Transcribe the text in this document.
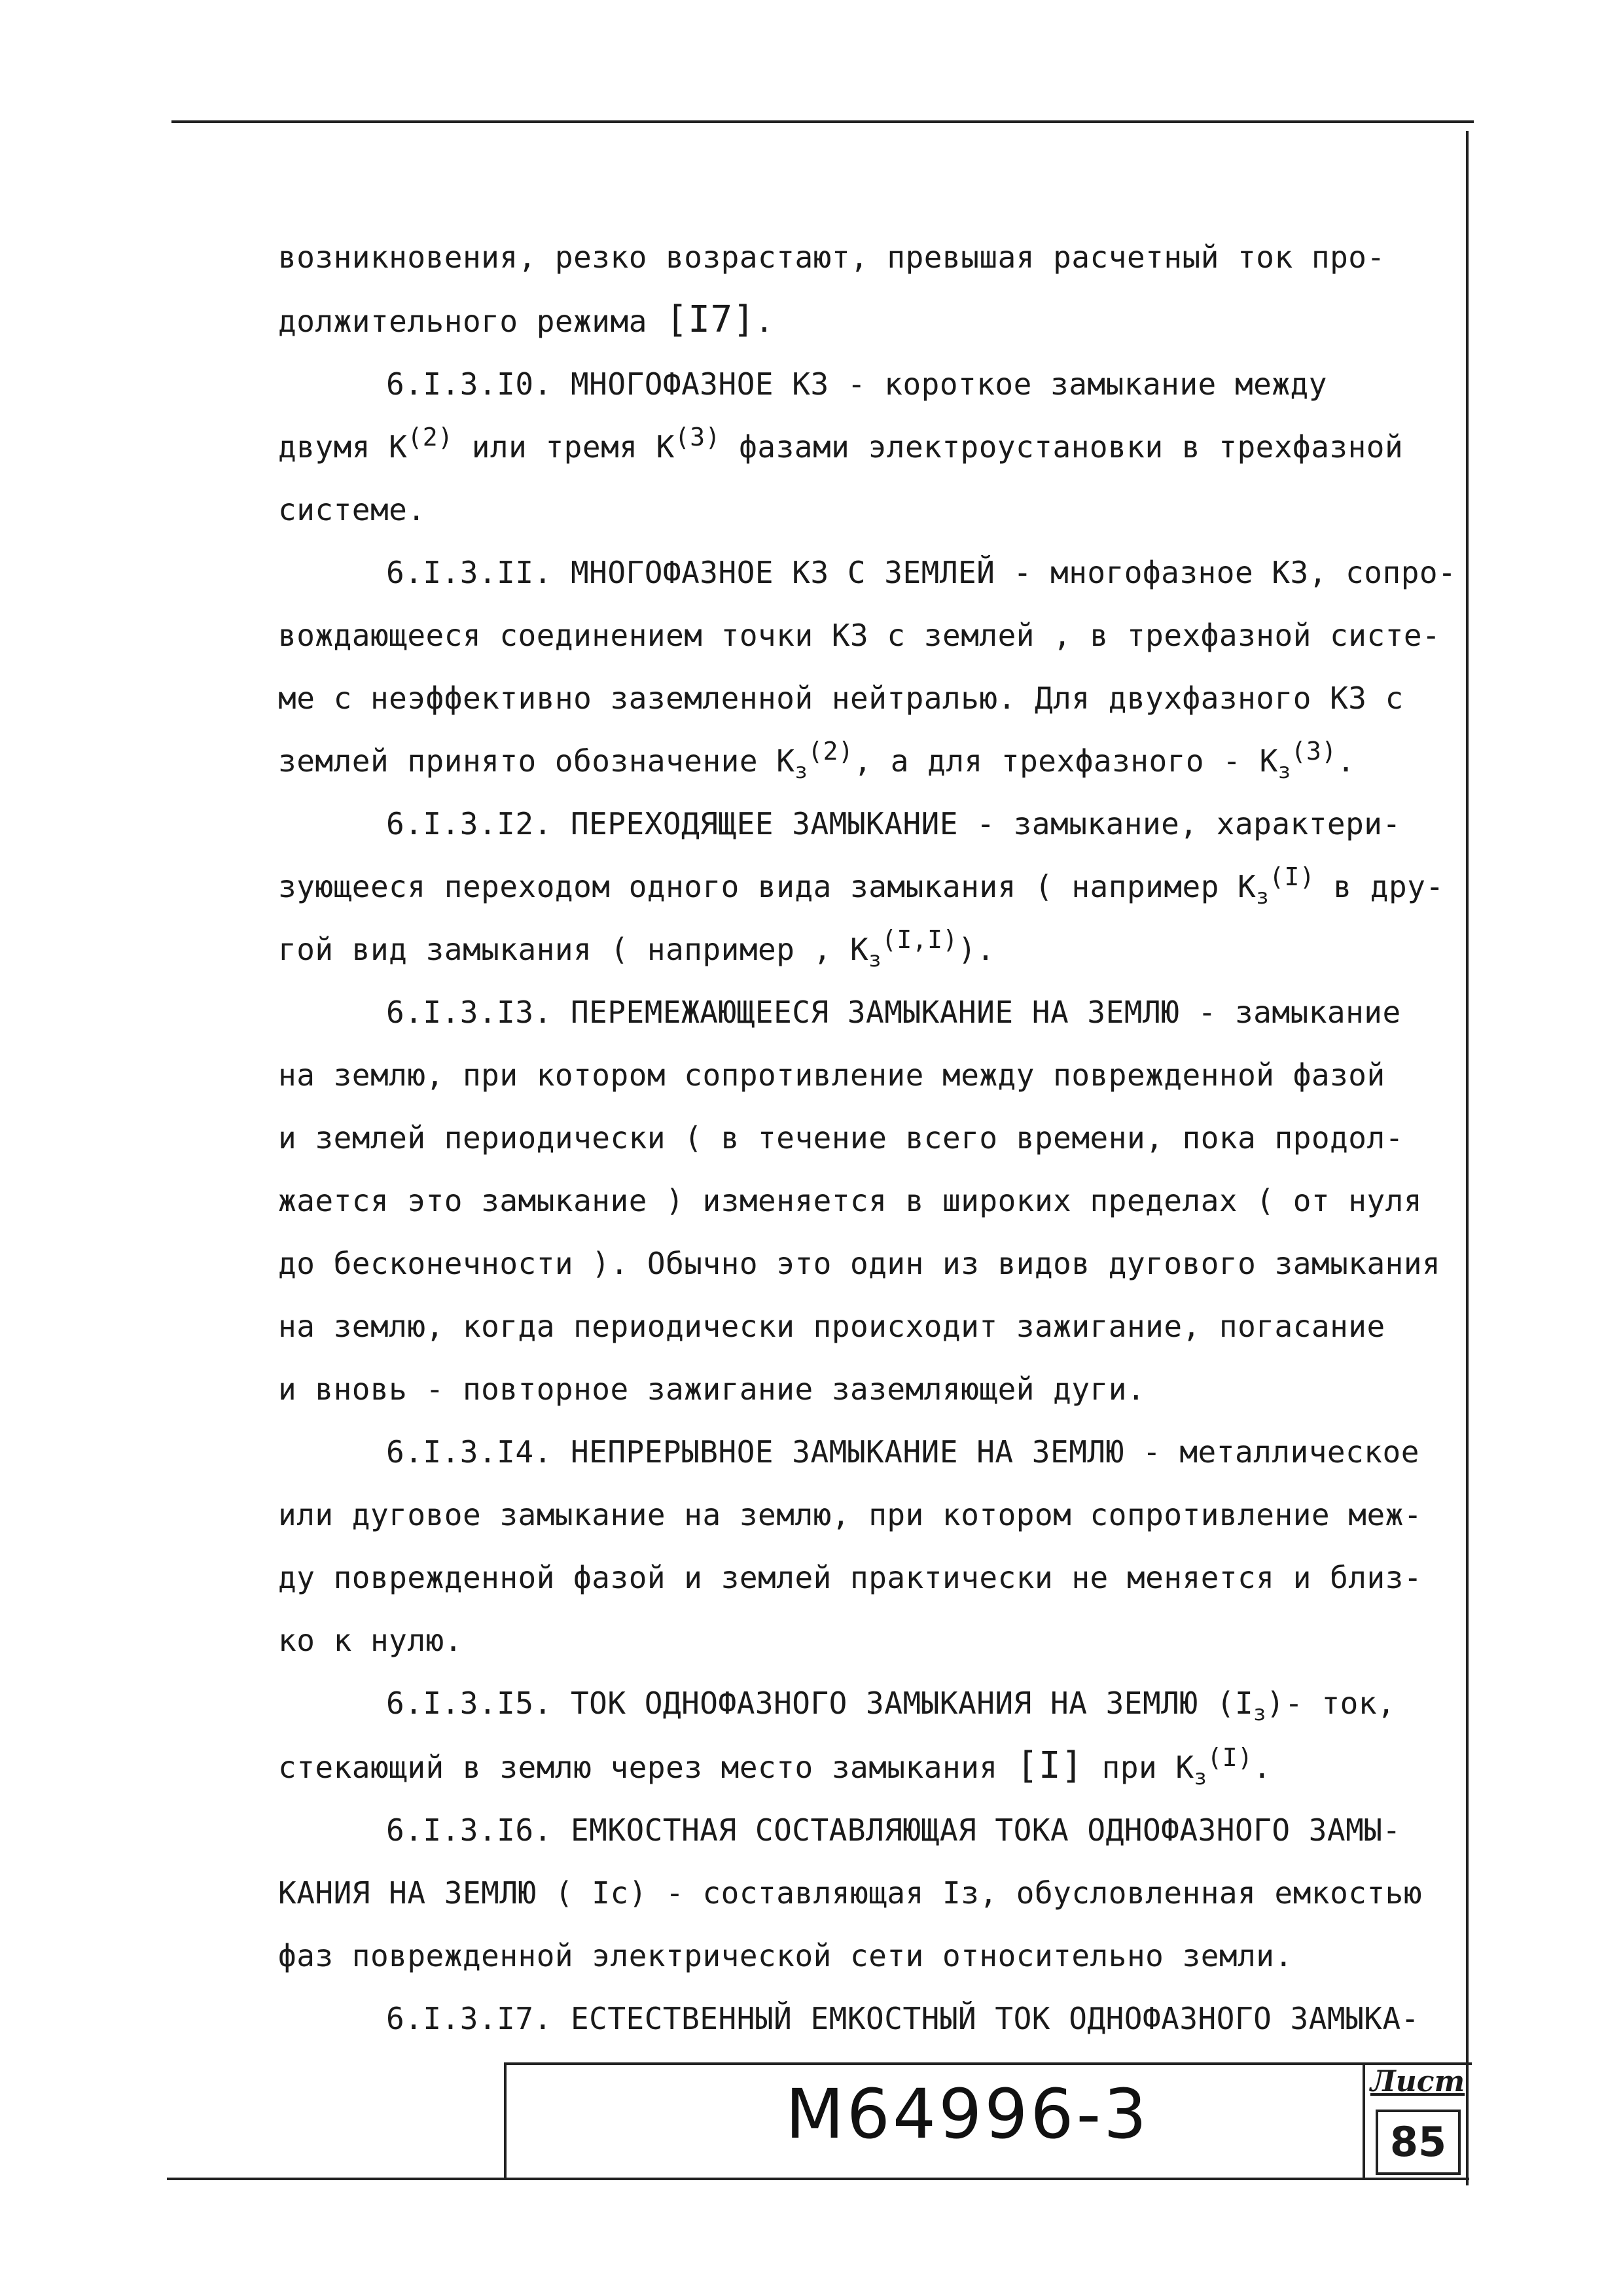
возникновения, резко возрастают, превышая расчетный ток про-
должительного режима [I7].
6.I.3.I0. МНОГОФАЗНОЕ КЗ - короткое замыкание между
двумя $К^{(2)}$ или тремя $К^{(3)}$ фазами электроустановки в трехфазной
системе.
6.I.3.II. МНОГОФАЗНОЕ КЗ С ЗЕМЛЕЙ - многофазное КЗ, сопро-
вождающееся соединением точки КЗ с землей , в трехфазной систе-
ме с неэффективно заземленной нейтралью. Для двухфазного КЗ с
землей принято обозначение $К_з^{(2)}$, а для трехфазного - $К_з^{(3)}$.
6.I.3.I2. ПЕРЕХОДЯЩЕЕ ЗАМЫКАНИЕ - замыкание, характери-
зующееся переходом одного вида замыкания ( например $К_з^{(I)}$ в дру-
гой вид замыкания ( например , $К_з^{(I,I)}$).
6.I.3.I3. ПЕРЕМЕЖАЮЩЕЕСЯ ЗАМЫКАНИЕ НА ЗЕМЛЮ - замыкание
на землю, при котором сопротивление между поврежденной фазой
и землей периодически ( в течение всего времени, пока продол-
жается это замыкание ) изменяется в широких пределах ( от нуля
до бесконечности ). Обычно это один из видов дугового замыкания
на землю, когда периодически происходит зажигание, погасание
и вновь - повторное зажигание заземляющей дуги.
6.I.3.I4. НЕПРЕРЫВНОЕ ЗАМЫКАНИЕ НА ЗЕМЛЮ - металлическое
или дуговое замыкание на землю, при котором сопротивление меж-
ду поврежденной фазой и землей практически не меняется и близ-
ко к нулю.
6.I.3.I5. ТОК ОДНОФАЗНОГО ЗАМЫКАНИЯ НА ЗЕМЛЮ $(I_з)-$ ток,
стекающий в землю через место замыкания [I] при $К_з^{(I)}$.
6.I.3.I6. ЕМКОСТНАЯ СОСТАВЛЯЮЩАЯ ТОКА ОДНОФАЗНОГО ЗАМЫ-
КАНИЯ НА ЗЕМЛЮ ( Iс) - составляющая Iз, обусловленная емкостью
фаз поврежденной электрической сети относительно земли.
6.I.3.I7. ЕСТЕСТВЕННЫЙ ЕМКОСТНЫЙ ТОК ОДНОФАЗНОГО ЗАМЫКА-
М64996-3	Лист
85
